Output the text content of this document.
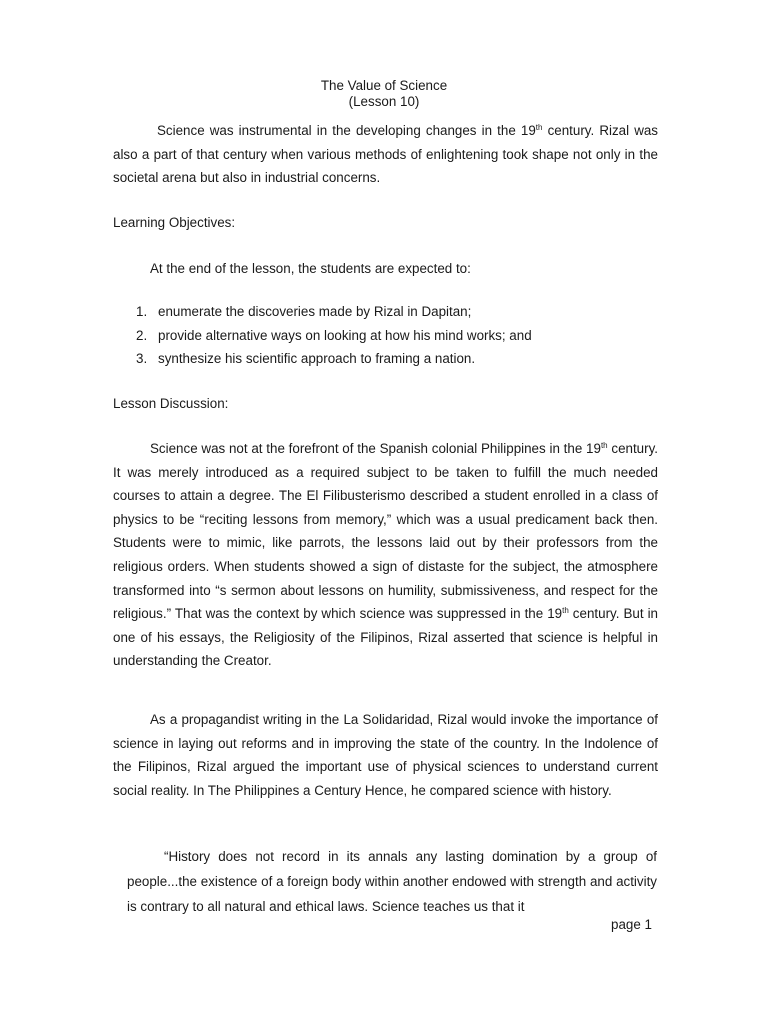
The Value of Science
(Lesson 10)

Science was instrumental in the developing changes in the 19th century. Rizal was also a part of that century when various methods of enlightening took shape not only in the societal arena but also in industrial concerns.

Learning Objectives:

At the end of the lesson, the students are expected to:

1. enumerate the discoveries made by Rizal in Dapitan;
2. provide alternative ways on looking at how his mind works; and
3. synthesize his scientific approach to framing a nation.

Lesson Discussion:

Science was not at the forefront of the Spanish colonial Philippines in the 19th century. It was merely introduced as a required subject to be taken to fulfill the much needed courses to attain a degree. The El Filibusterismo described a student enrolled in a class of physics to be “reciting lessons from memory,” which was a usual predicament back then. Students were to mimic, like parrots, the lessons laid out by their professors from the religious orders. When students showed a sign of distaste for the subject, the atmosphere transformed into “s sermon about lessons on humility, submissiveness, and respect for the religious.” That was the context by which science was suppressed in the 19th century. But in one of his essays, the Religiosity of the Filipinos, Rizal asserted that science is helpful in understanding the Creator.

As a propagandist writing in the La Solidaridad, Rizal would invoke the importance of science in laying out reforms and in improving the state of the country. In the Indolence of the Filipinos, Rizal argued the important use of physical sciences to understand current social reality. In The Philippines a Century Hence, he compared science with history.

“History does not record in its annals any lasting domination by a group of people...the existence of a foreign body within another endowed with strength and activity is contrary to all natural and ethical laws. Science teaches us that it

page 1
